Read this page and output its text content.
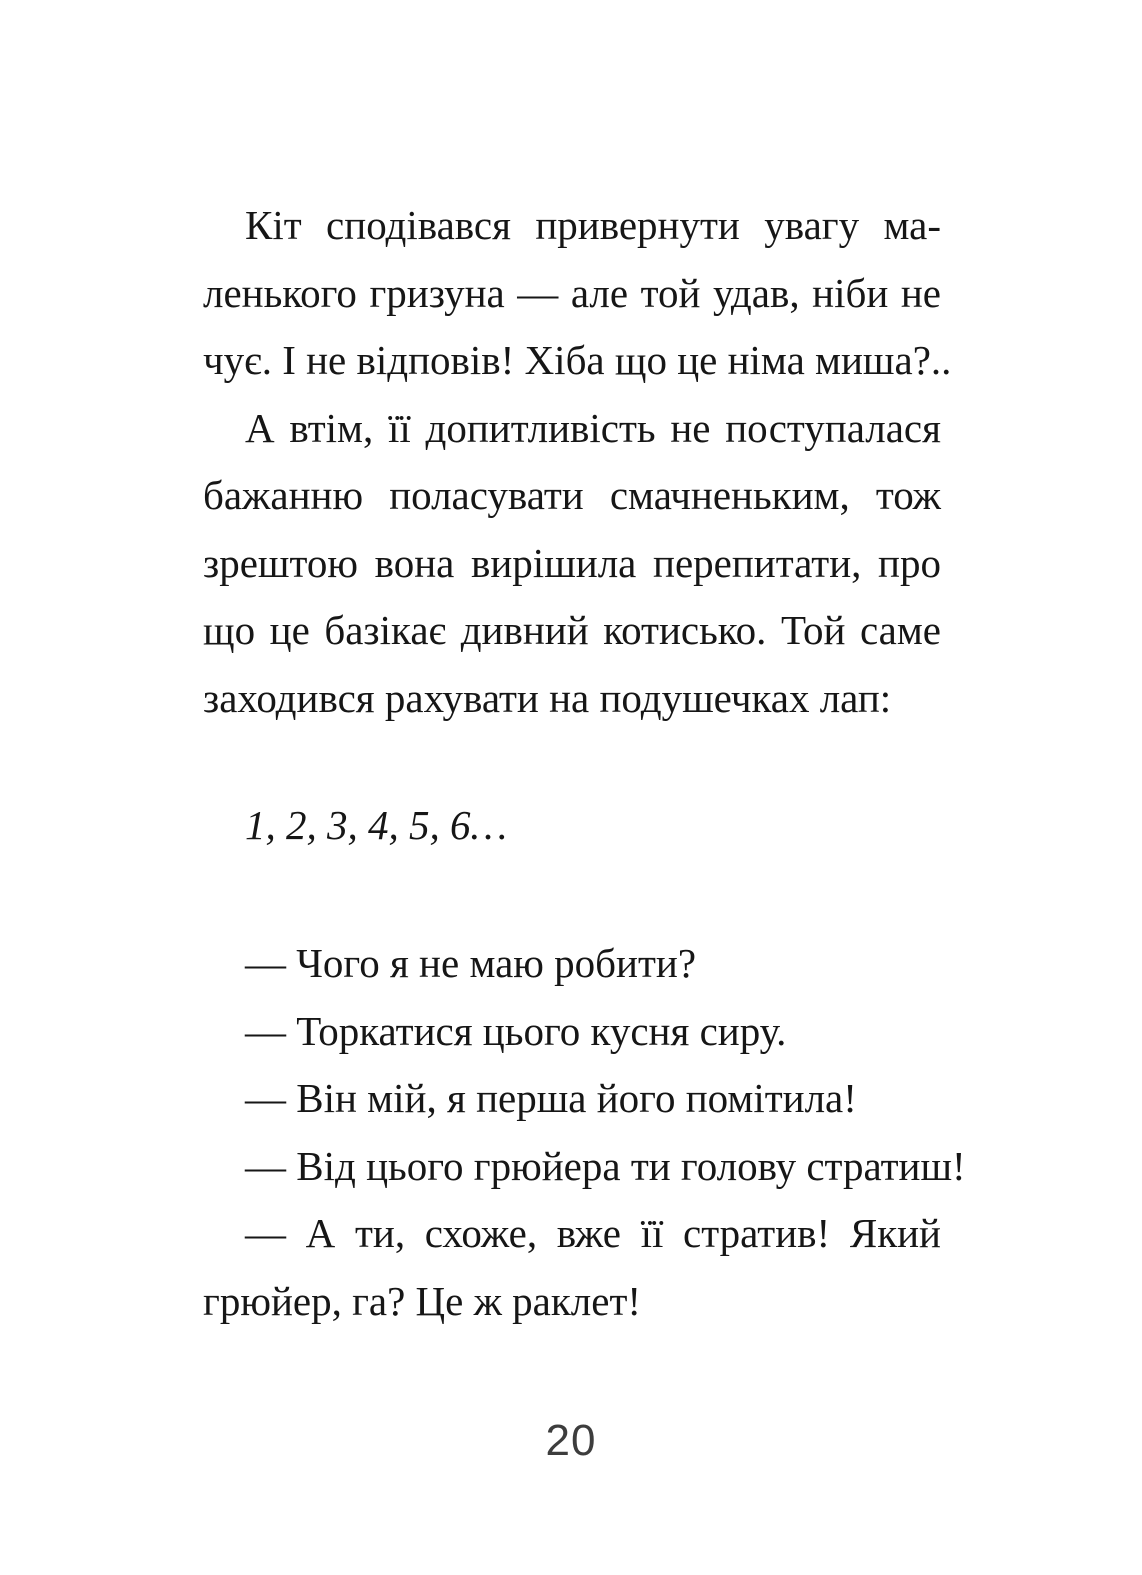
Кіт сподівався привернути увагу ма-
ленького гризуна — але той удав, ніби не
чує. І не відповів! Хіба що це німа миша?..
А втім, її допитливість не поступалася
бажанню поласувати смачненьким, тож
зрештою вона вирішила перепитати, про
що це базікає дивний котисько. Той саме
заходився рахувати на подушечках лап:
1, 2, 3, 4, 5, 6…
— Чого я не маю робити?
— Торкатися цього кусня сиру.
— Він мій, я перша його помітила!
— Від цього грюйера ти голову стратиш!
— А ти, схоже, вже її стратив! Який
грюйер, га? Це ж раклет!
20
